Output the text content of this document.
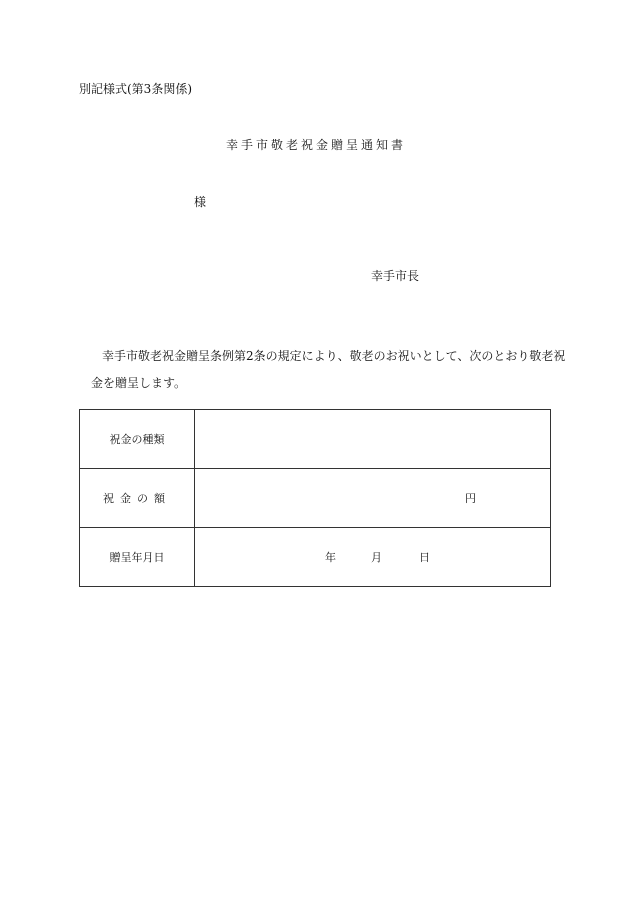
別記様式(第3条関係)
幸手市敬老祝金贈呈通知書
様
幸手市長
幸手市敬老祝金贈呈条例第2条の規定により、敬老のお祝いとして、次のとおり敬老祝
金を贈呈します。
祝金の種類	
祝金の額	円

贈呈年月日	年 月 日
